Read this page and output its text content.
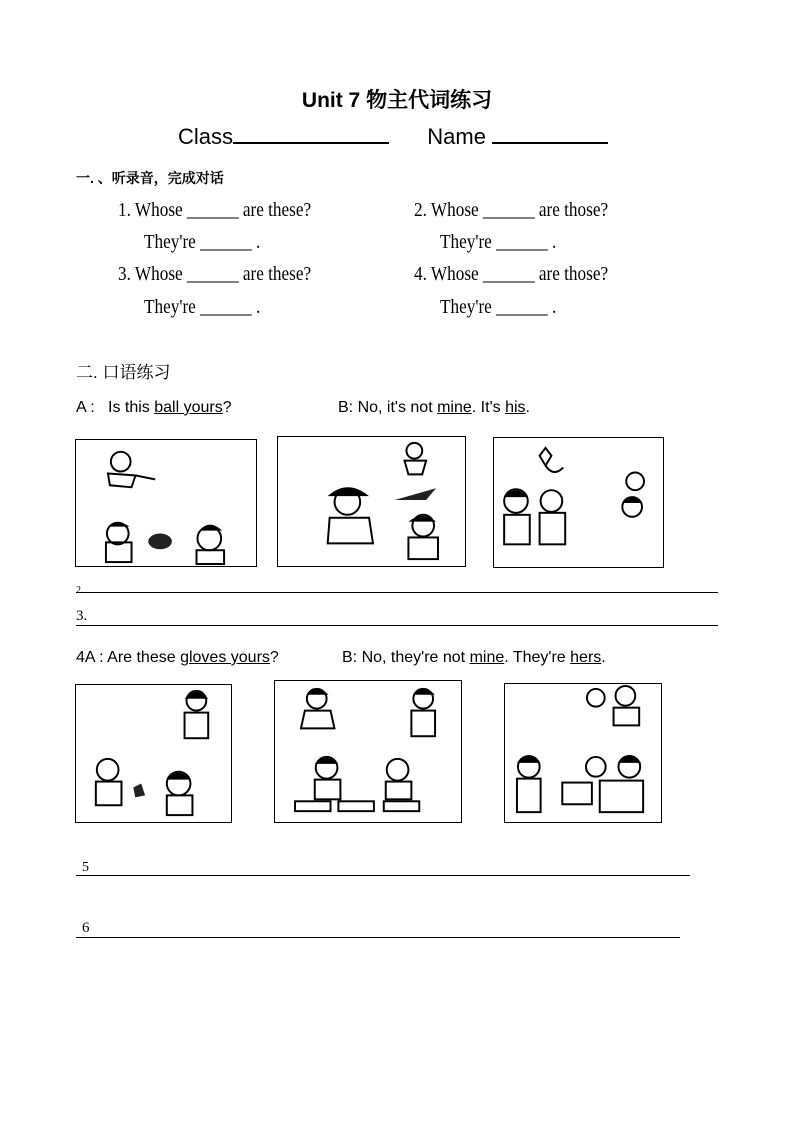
Unit 7 物主代词练习
Class	Name
一. 、听录音，完成对话
1. Whose ______ are these?
They're ______ .
2. Whose ______ are those?
They're ______ .
3. Whose ______ are these?
They're ______ .
4. Whose ______ are those?
They're ______ .
二. 口语练习
A :   Is this ball yours?	B: No, it's not mine. It's his.
2.
3.
4A : Are these gloves yours?	B: No, they're not mine. They're hers.
5
6
